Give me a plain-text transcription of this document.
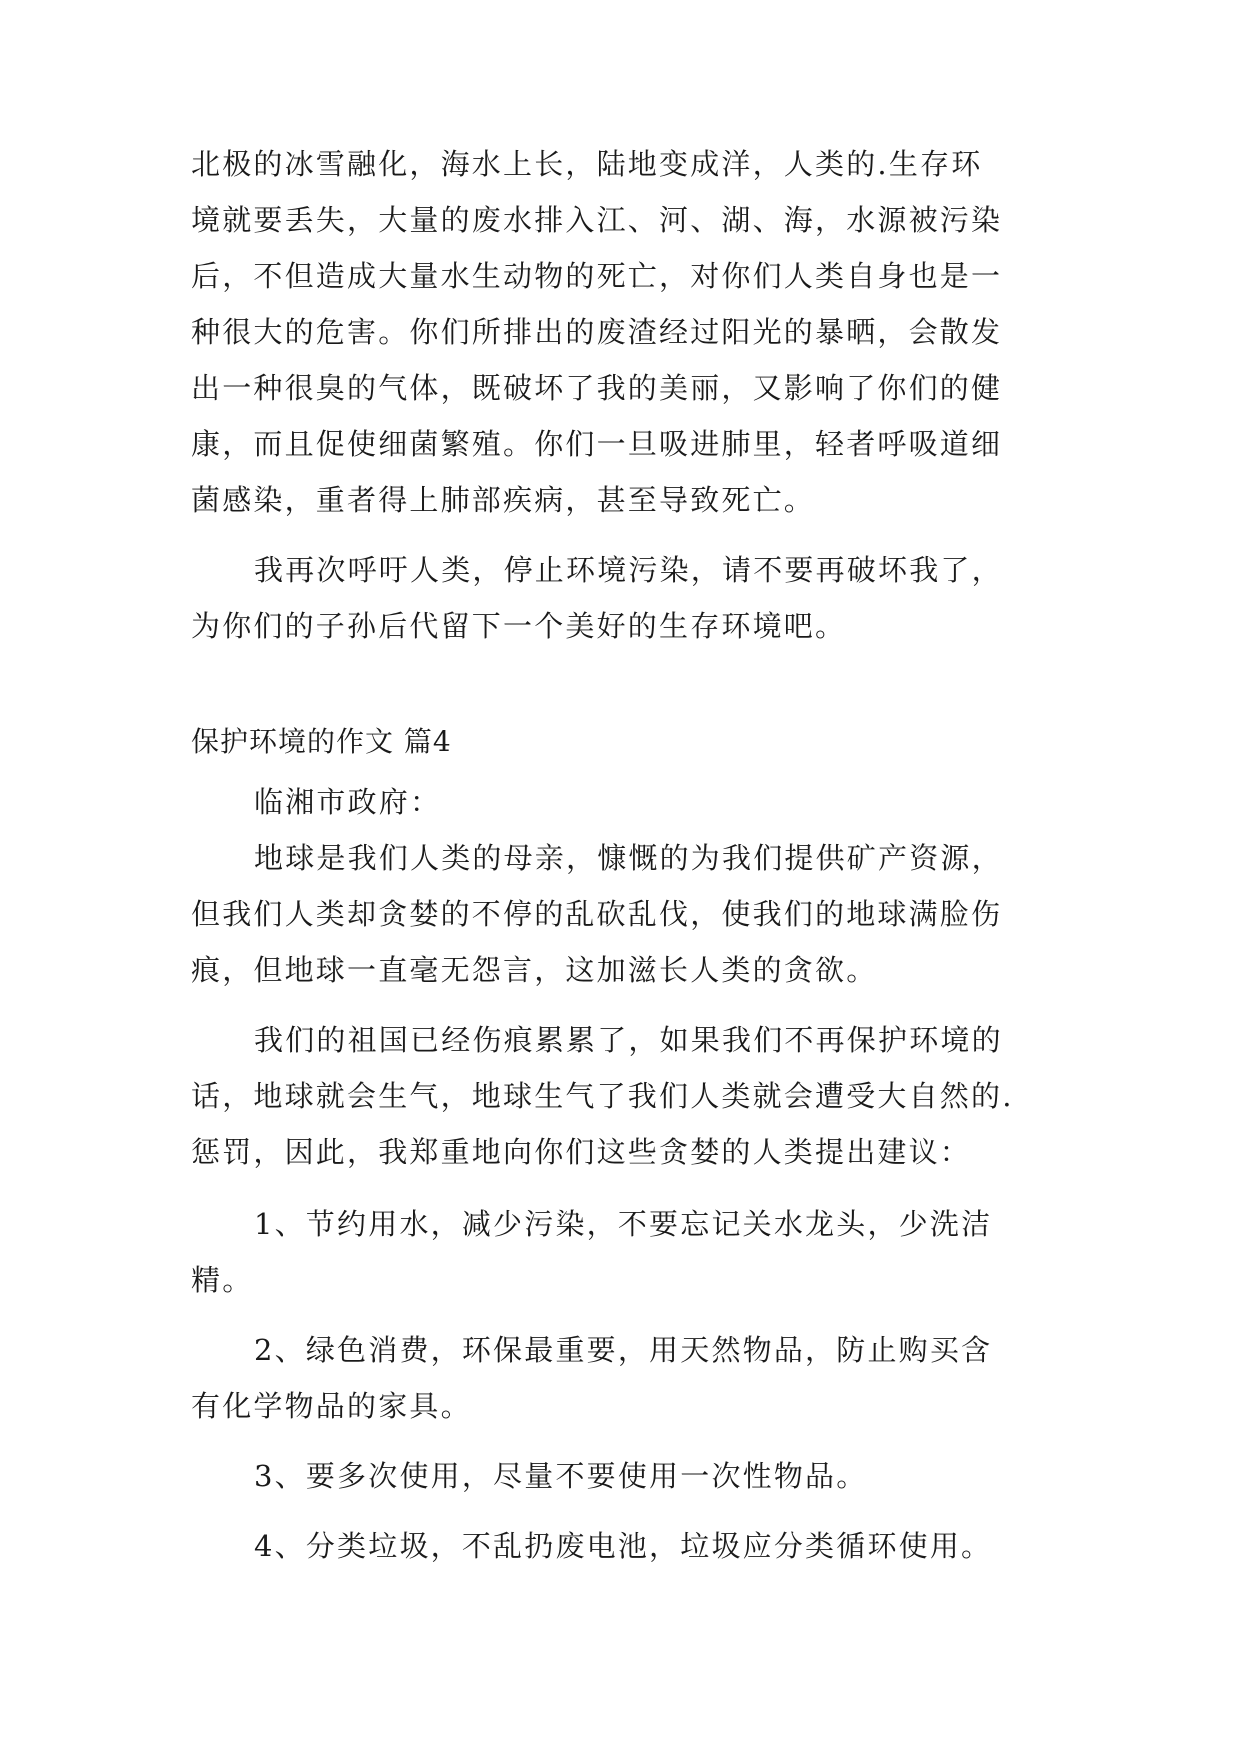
北极的冰雪融化，海水上长，陆地变成洋，人类的.生存环
境就要丢失，大量的废水排入江、河、湖、海，水源被污染
后，不但造成大量水生动物的死亡，对你们人类自身也是一
种很大的危害。你们所排出的废渣经过阳光的暴晒，会散发
出一种很臭的气体，既破坏了我的美丽，又影响了你们的健
康，而且促使细菌繁殖。你们一旦吸进肺里，轻者呼吸道细
菌感染，重者得上肺部疾病，甚至导致死亡。
我再次呼吁人类，停止环境污染，请不要再破坏我了，
为你们的子孙后代留下一个美好的生存环境吧。
保护环境的作文 篇4
临湘市政府：
地球是我们人类的母亲，慷慨的为我们提供矿产资源，
但我们人类却贪婪的不停的乱砍乱伐，使我们的地球满脸伤
痕，但地球一直毫无怨言，这加滋长人类的贪欲。
我们的祖国已经伤痕累累了，如果我们不再保护环境的
话，地球就会生气，地球生气了我们人类就会遭受大自然的.
惩罚，因此，我郑重地向你们这些贪婪的人类提出建议：
1、节约用水，减少污染，不要忘记关水龙头，少洗洁
精。
2、绿色消费，环保最重要，用天然物品，防止购买含
有化学物品的家具。
3、要多次使用，尽量不要使用一次性物品。
4、分类垃圾，不乱扔废电池，垃圾应分类循环使用。
